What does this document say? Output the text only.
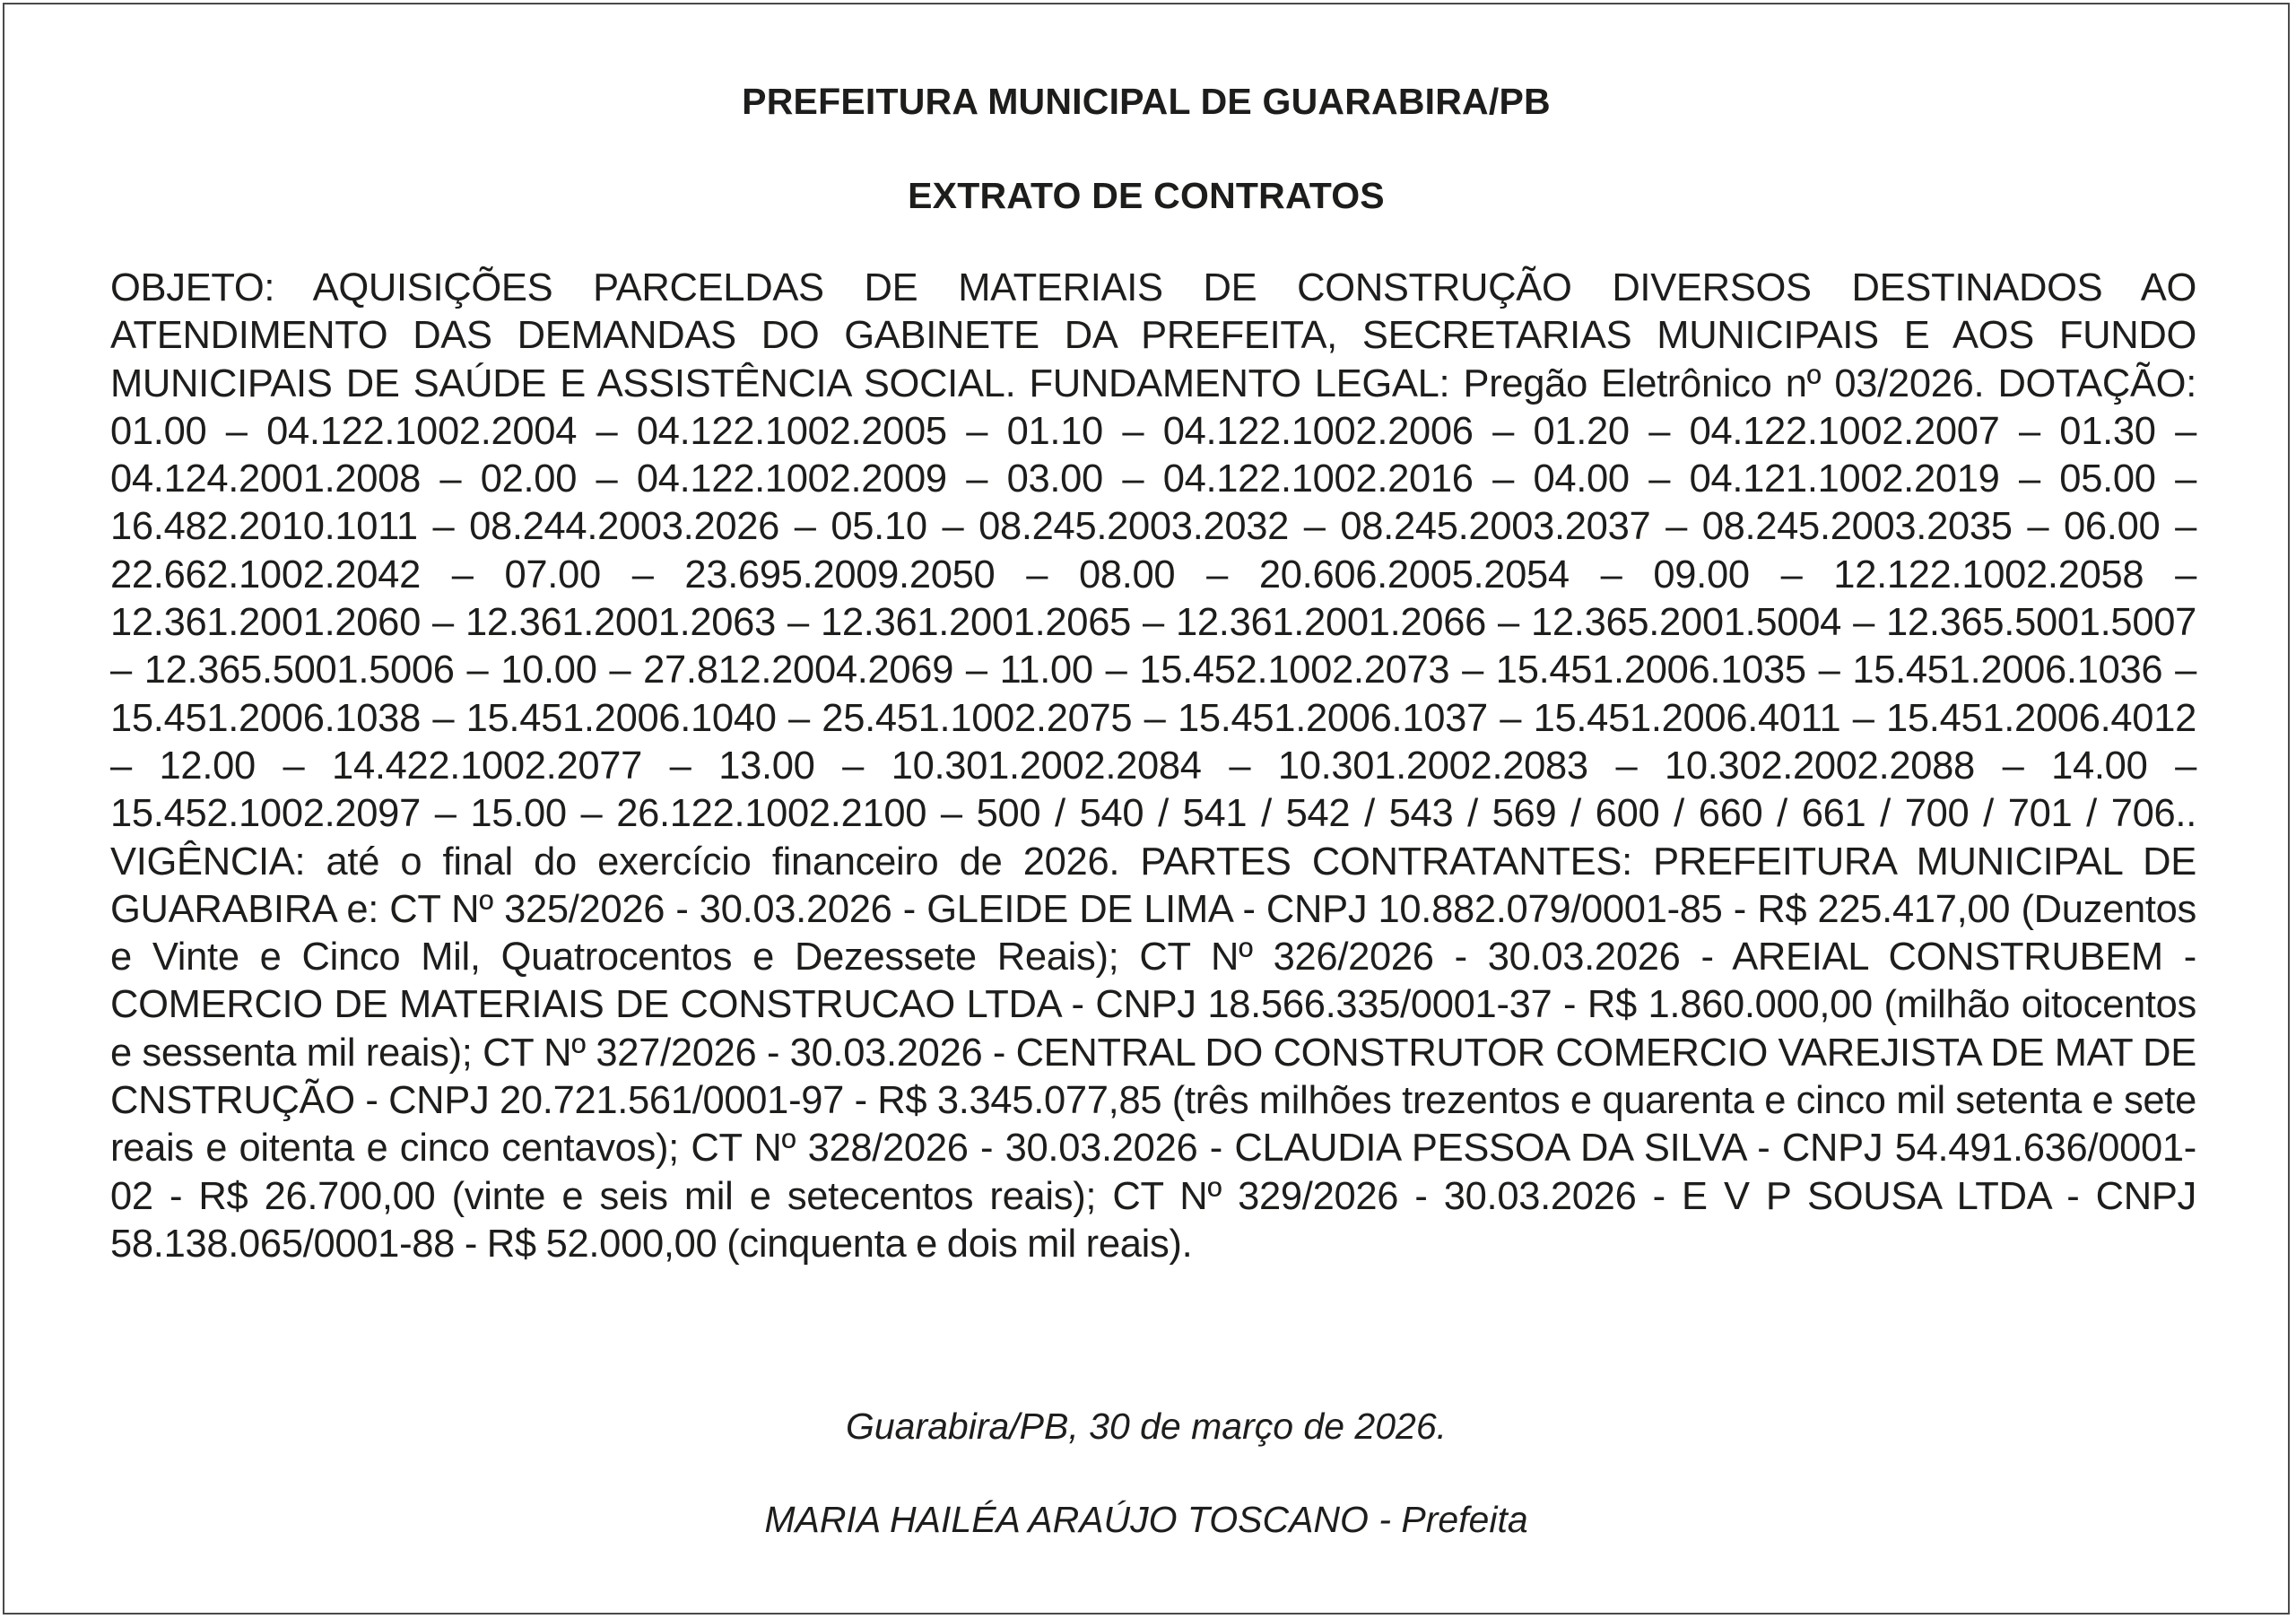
PREFEITURA MUNICIPAL DE GUARABIRA/PB
EXTRATO DE CONTRATOS

OBJETO: AQUISIÇÕES PARCELDAS DE MATERIAIS DE CONSTRUÇÃO DIVERSOS DESTINADOS AO ATENDIMENTO DAS DEMANDAS DO GABINETE DA PREFEITA, SECRETARIAS MUNICIPAIS E AOS FUNDO MUNICIPAIS DE SAÚDE E ASSISTÊNCIA SOCIAL. FUNDAMENTO LEGAL: Pregão Eletrônico nº 03/2026. DOTAÇÃO: 01.00 – 04.122.1002.2004 – 04.122.1002.2005 – 01.10 – 04.122.1002.2006 – 01.20 – 04.122.1002.2007 – 01.30 – 04.124.2001.2008 – 02.00 – 04.122.1002.2009 – 03.00 – 04.122.1002.2016 – 04.00 – 04.121.1002.2019 – 05.00 – 16.482.2010.1011 – 08.244.2003.2026 – 05.10 – 08.245.2003.2032 – 08.245.2003.2037 – 08.245.2003.2035 – 06.00 – 22.662.1002.2042 – 07.00 – 23.695.2009.2050 – 08.00 – 20.606.2005.2054 – 09.00 – 12.122.1002.2058 – 12.361.2001.2060 – 12.361.2001.2063 – 12.361.2001.2065 – 12.361.2001.2066 – 12.365.2001.5004 – 12.365.5001.5007 – 12.365.5001.5006 – 10.00 – 27.812.2004.2069 – 11.00 – 15.452.1002.2073 – 15.451.2006.1035 – 15.451.2006.1036 – 15.451.2006.1038 – 15.451.2006.1040 – 25.451.1002.2075 – 15.451.2006.1037 – 15.451.2006.4011 – 15.451.2006.4012 – 12.00 – 14.422.1002.2077 – 13.00 – 10.301.2002.2084 – 10.301.2002.2083 – 10.302.2002.2088 – 14.00 – 15.452.1002.2097 – 15.00 – 26.122.1002.2100 – 500 / 540 / 541 / 542 / 543 / 569 / 600 / 660 / 661 / 700 / 701 / 706.. VIGÊNCIA: até o final do exercício financeiro de 2026. PARTES CONTRATANTES: PREFEITURA MUNICIPAL DE GUARABIRA e: CT Nº 325/2026 - 30.03.2026 - GLEIDE DE LIMA - CNPJ 10.882.079/0001-85 - R$ 225.417,00 (Duzentos e Vinte e Cinco Mil, Quatrocentos e Dezessete Reais); CT Nº 326/2026 - 30.03.2026 - AREIAL CONSTRUBEM - COMERCIO DE MATERIAIS DE CONSTRUCAO LTDA - CNPJ 18.566.335/0001-37 - R$ 1.860.000,00 (milhão oitocentos e sessenta mil reais); CT Nº 327/2026 - 30.03.2026 - CENTRAL DO CONSTRUTOR COMERCIO VAREJISTA DE MAT DE CNSTRUÇÃO - CNPJ 20.721.561/0001-97 - R$ 3.345.077,85 (três milhões trezentos e quarenta e cinco mil setenta e sete reais e oitenta e cinco centavos); CT Nº 328/2026 - 30.03.2026 - CLAUDIA PESSOA DA SILVA - CNPJ 54.491.636/0001-02 - R$ 26.700,00 (vinte e seis mil e setecentos reais); CT Nº 329/2026 - 30.03.2026 - E V P SOUSA LTDA - CNPJ 58.138.065/0001-88 - R$ 52.000,00 (cinquenta e dois mil reais).

Guarabira/PB, 30 de março de 2026.

MARIA HAILÉA ARAÚJO TOSCANO - Prefeita
